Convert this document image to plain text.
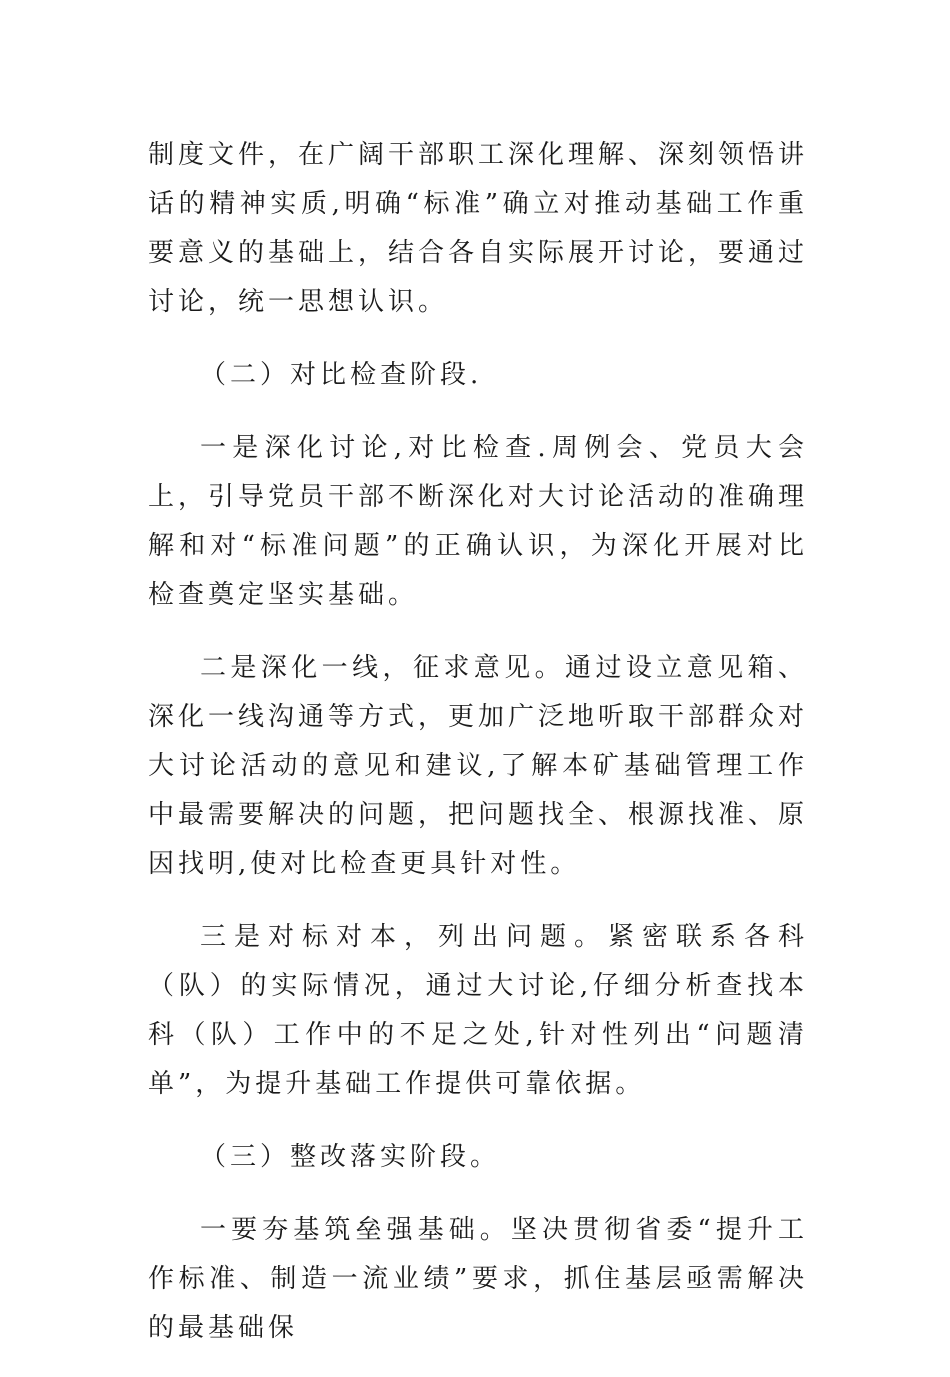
制度文件，在广阔干部职工深化理解、深刻领悟讲话的精神实质,明确“标准”确立对推动基础工作重要意义的基础上，结合各自实际展开讨论，要通过讨论，统一思想认识。

（二）对比检查阶段.

一是深化讨论,对比检查.周例会、党员大会上，引导党员干部不断深化对大讨论活动的准确理解和对“标准问题”的正确认识，为深化开展对比检查奠定坚实基础。

二是深化一线，征求意见。通过设立意见箱、深化一线沟通等方式，更加广泛地听取干部群众对大讨论活动的意见和建议,了解本矿基础管理工作中最需要解决的问题，把问题找全、根源找准、原因找明,使对比检查更具针对性。

三是对标对本，列出问题。紧密联系各科（队）的实际情况，通过大讨论,仔细分析查找本科（队）工作中的不足之处,针对性列出“问题清单”，为提升基础工作提供可靠依据。

（三）整改落实阶段。

一要夯基筑垒强基础。坚决贯彻省委“提升工作标准、制造一流业绩”要求，抓住基层亟需解决的最基础保
